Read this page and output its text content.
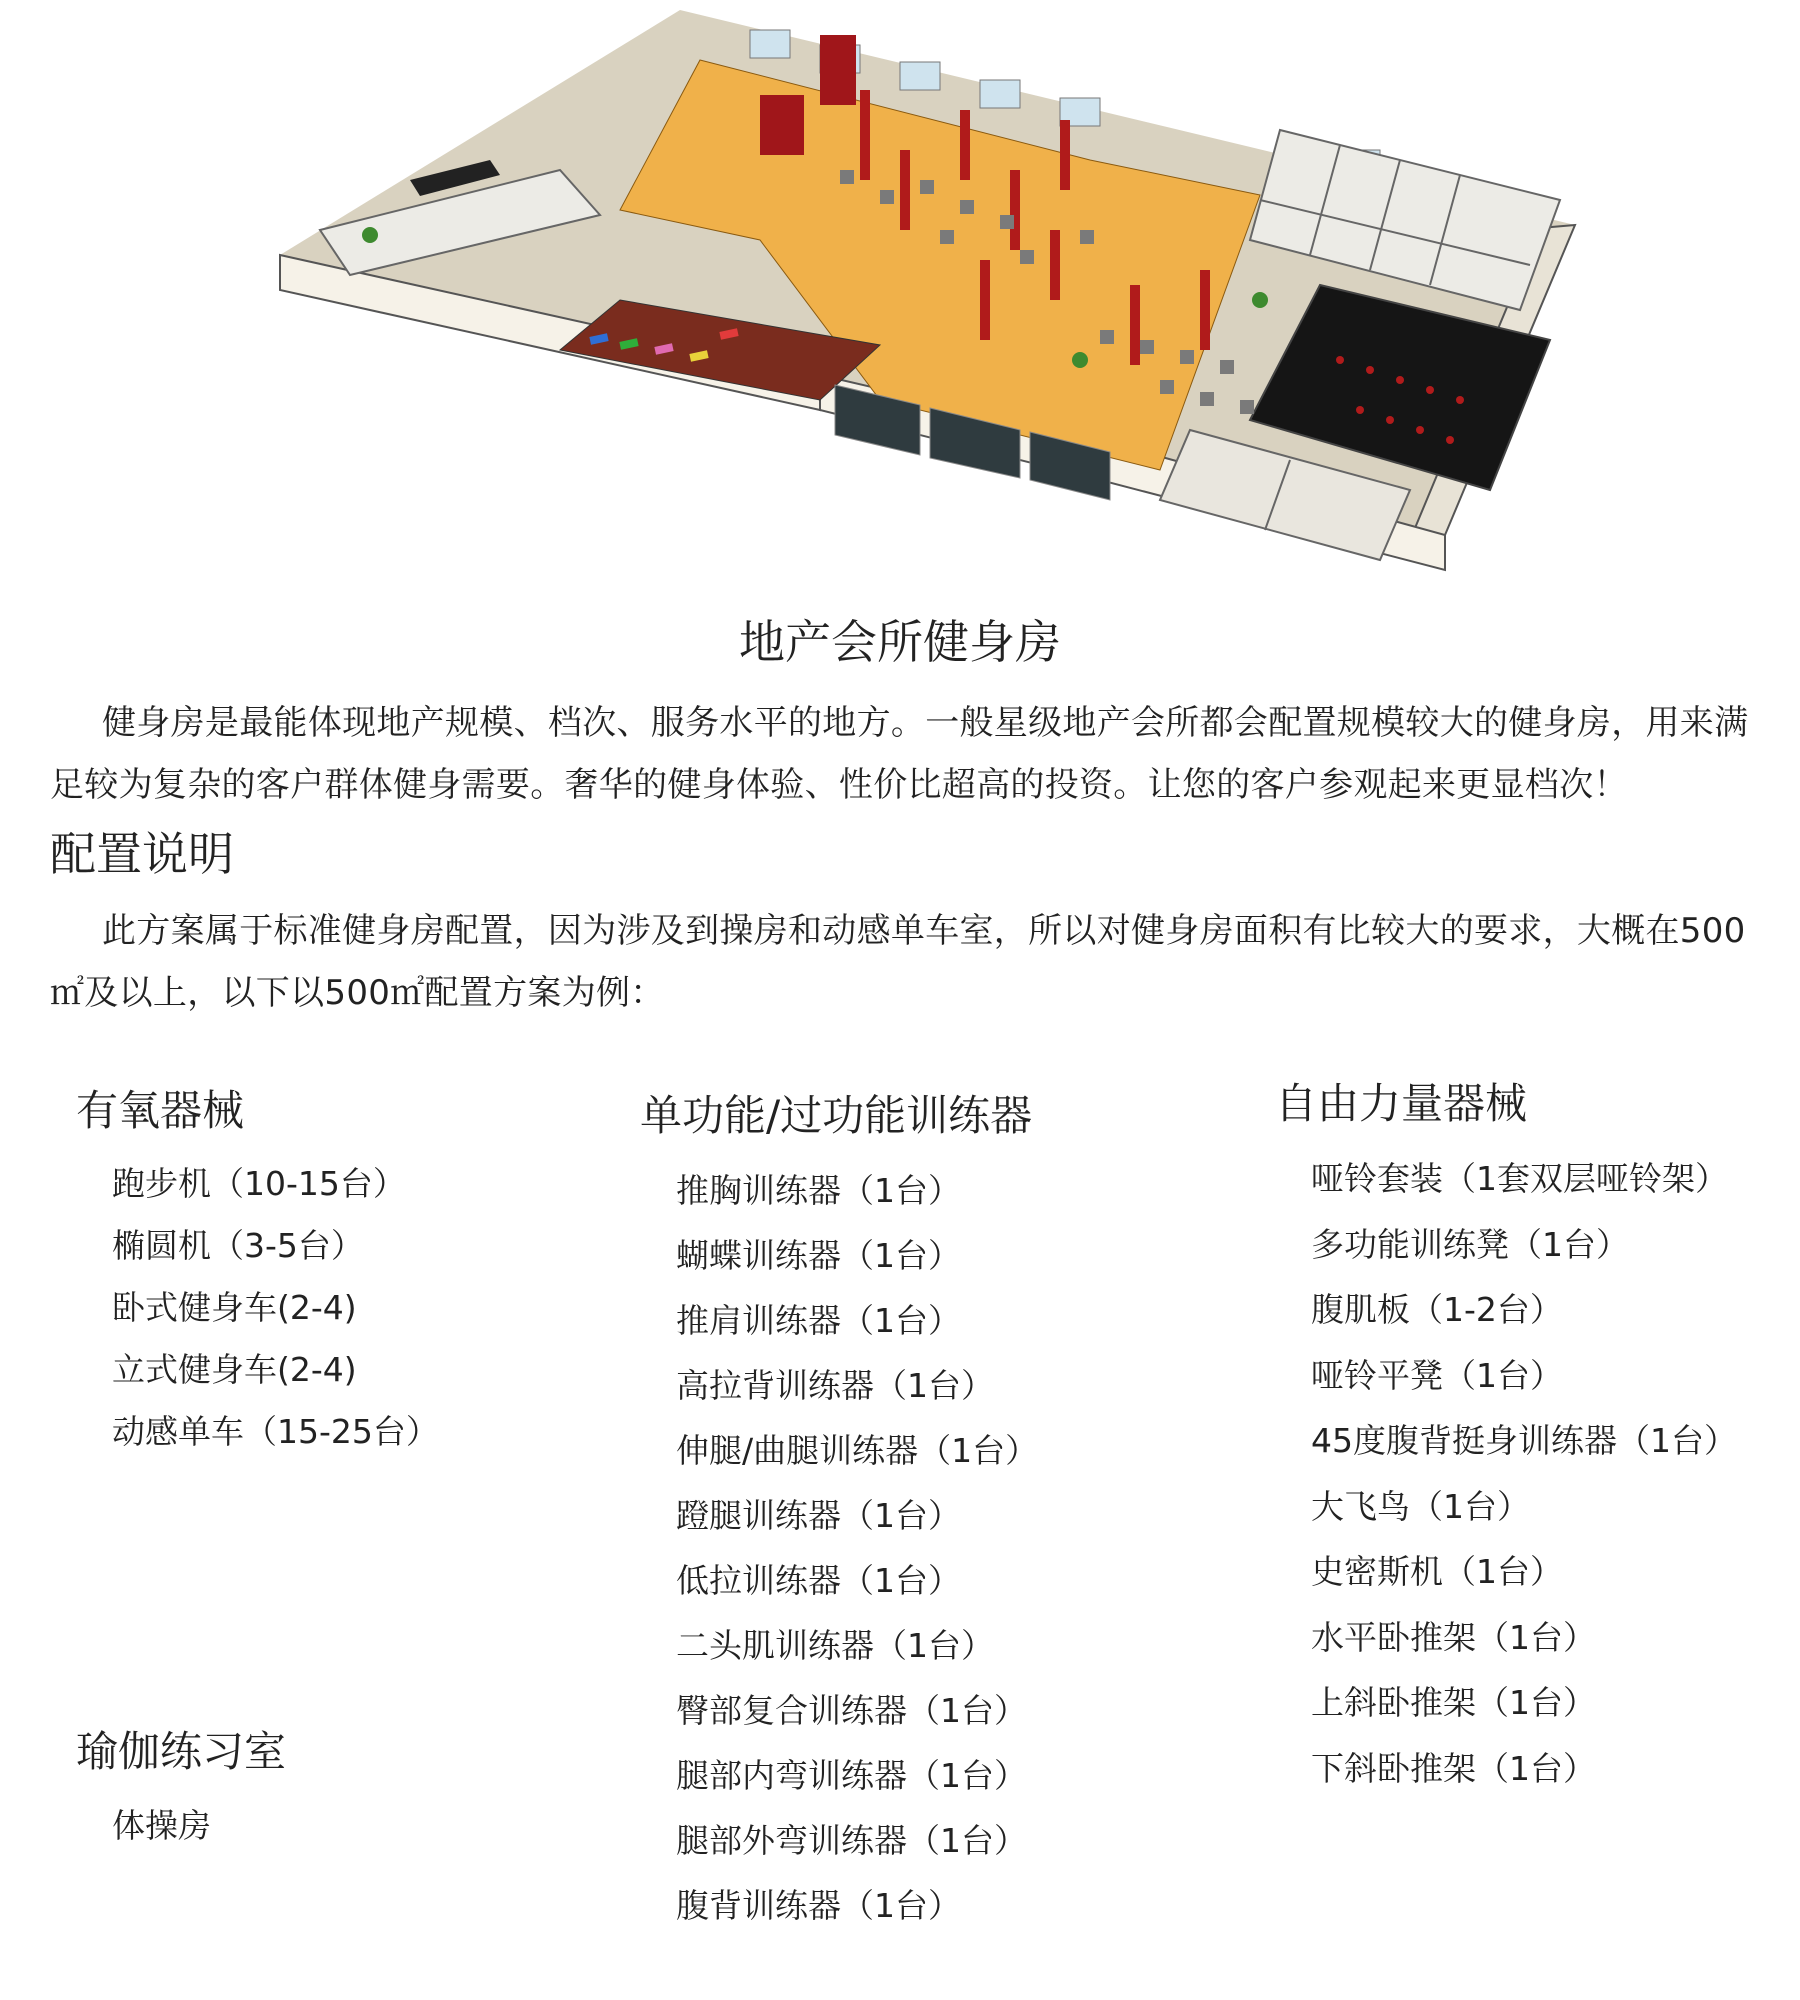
地产会所健身房
健身房是最能体现地产规模、档次、服务水平的地方。一般星级地产会所都会配置规模较大的健身房，用来满足较为复杂的客户群体健身需要。奢华的健身体验、性价比超高的投资。让您的客户参观起来更显档次！
配置说明
此方案属于标准健身房配置，因为涉及到操房和动感单车室，所以对健身房面积有比较大的要求，大概在500㎡及以上，以下以500㎡配置方案为例：
有氧器械
跑步机（10-15台）
椭圆机（3-5台）
卧式健身车(2-4)
立式健身车(2-4)
动感单车（15-25台）
单功能/过功能训练器
推胸训练器（1台）
蝴蝶训练器（1台）
推肩训练器（1台）
高拉背训练器（1台）
伸腿/曲腿训练器（1台）
蹬腿训练器（1台）
低拉训练器（1台）
二头肌训练器（1台）
臀部复合训练器（1台）
腿部内弯训练器（1台）
腿部外弯训练器（1台）
腹背训练器（1台）
自由力量器械
哑铃套装（1套双层哑铃架）
多功能训练凳（1台）
腹肌板（1-2台）
哑铃平凳（1台）
45度腹背挺身训练器（1台）
大飞鸟（1台）
史密斯机（1台）
水平卧推架（1台）
上斜卧推架（1台）
下斜卧推架（1台）
瑜伽练习室
体操房
